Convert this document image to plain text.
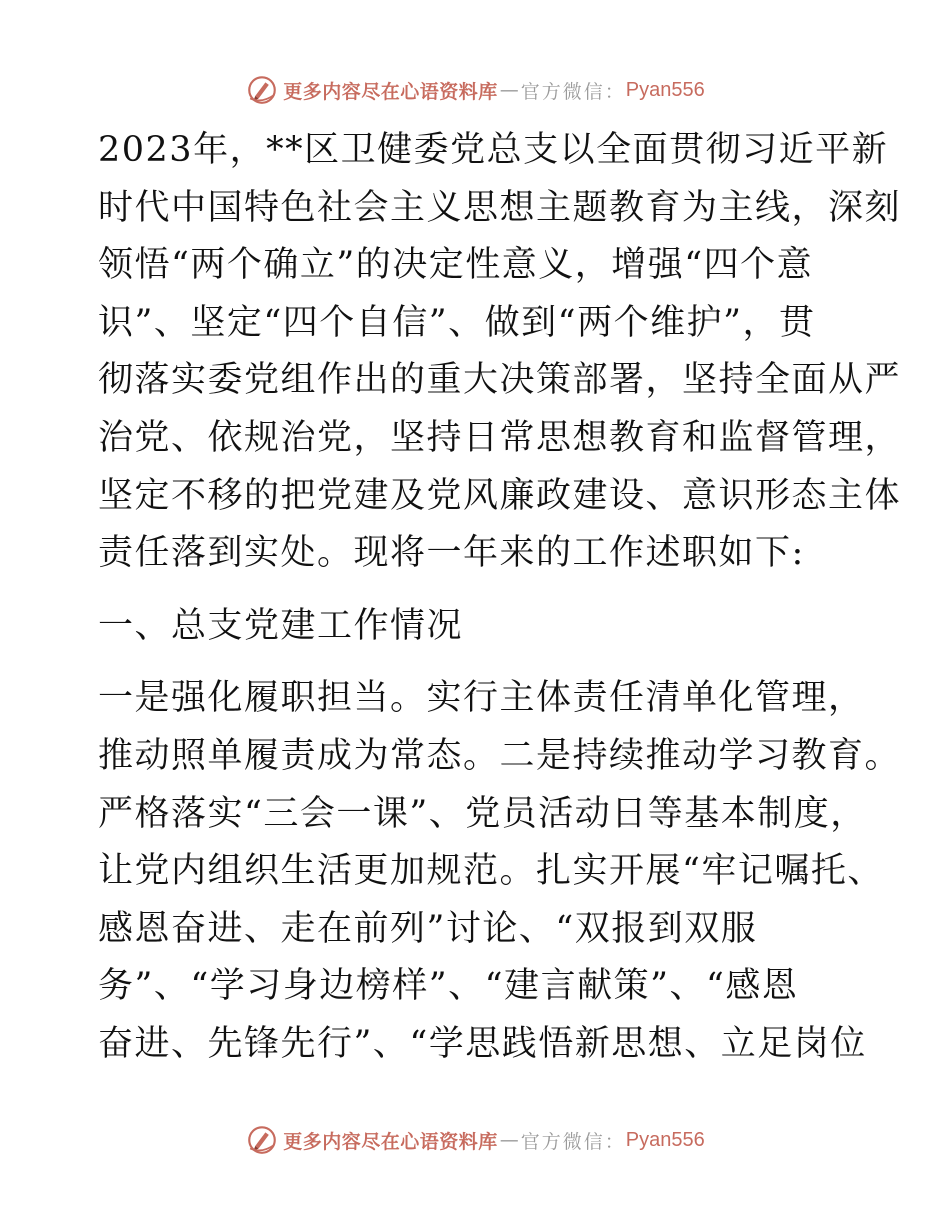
更多内容尽在心语资料库 — 官方微信： Pyan556
2023年，**区卫健委党总支以全面贯彻习近平新
时代中国特色社会主义思想主题教育为主线，深刻
领悟“两个确立”的决定性意义，增强“四个意
识”、坚定“四个自信”、做到“两个维护”，贯
彻落实委党组作出的重大决策部署，坚持全面从严
治党、依规治党，坚持日常思想教育和监督管理，
坚定不移的把党建及党风廉政建设、意识形态主体
责任落到实处。现将一年来的工作述职如下:
一、总支党建工作情况
一是强化履职担当。实行主体责任清单化管理，
推动照单履责成为常态。二是持续推动学习教育。
严格落实“三会一课”、党员活动日等基本制度，
让党内组织生活更加规范。扎实开展“牢记嘱托、
感恩奋进、走在前列”讨论、“双报到双服
务”、“学习身边榜样”、“建言献策”、“感恩
奋进、先锋先行”、“学思践悟新思想、立足岗位
更多内容尽在心语资料库 — 官方微信： Pyan556
